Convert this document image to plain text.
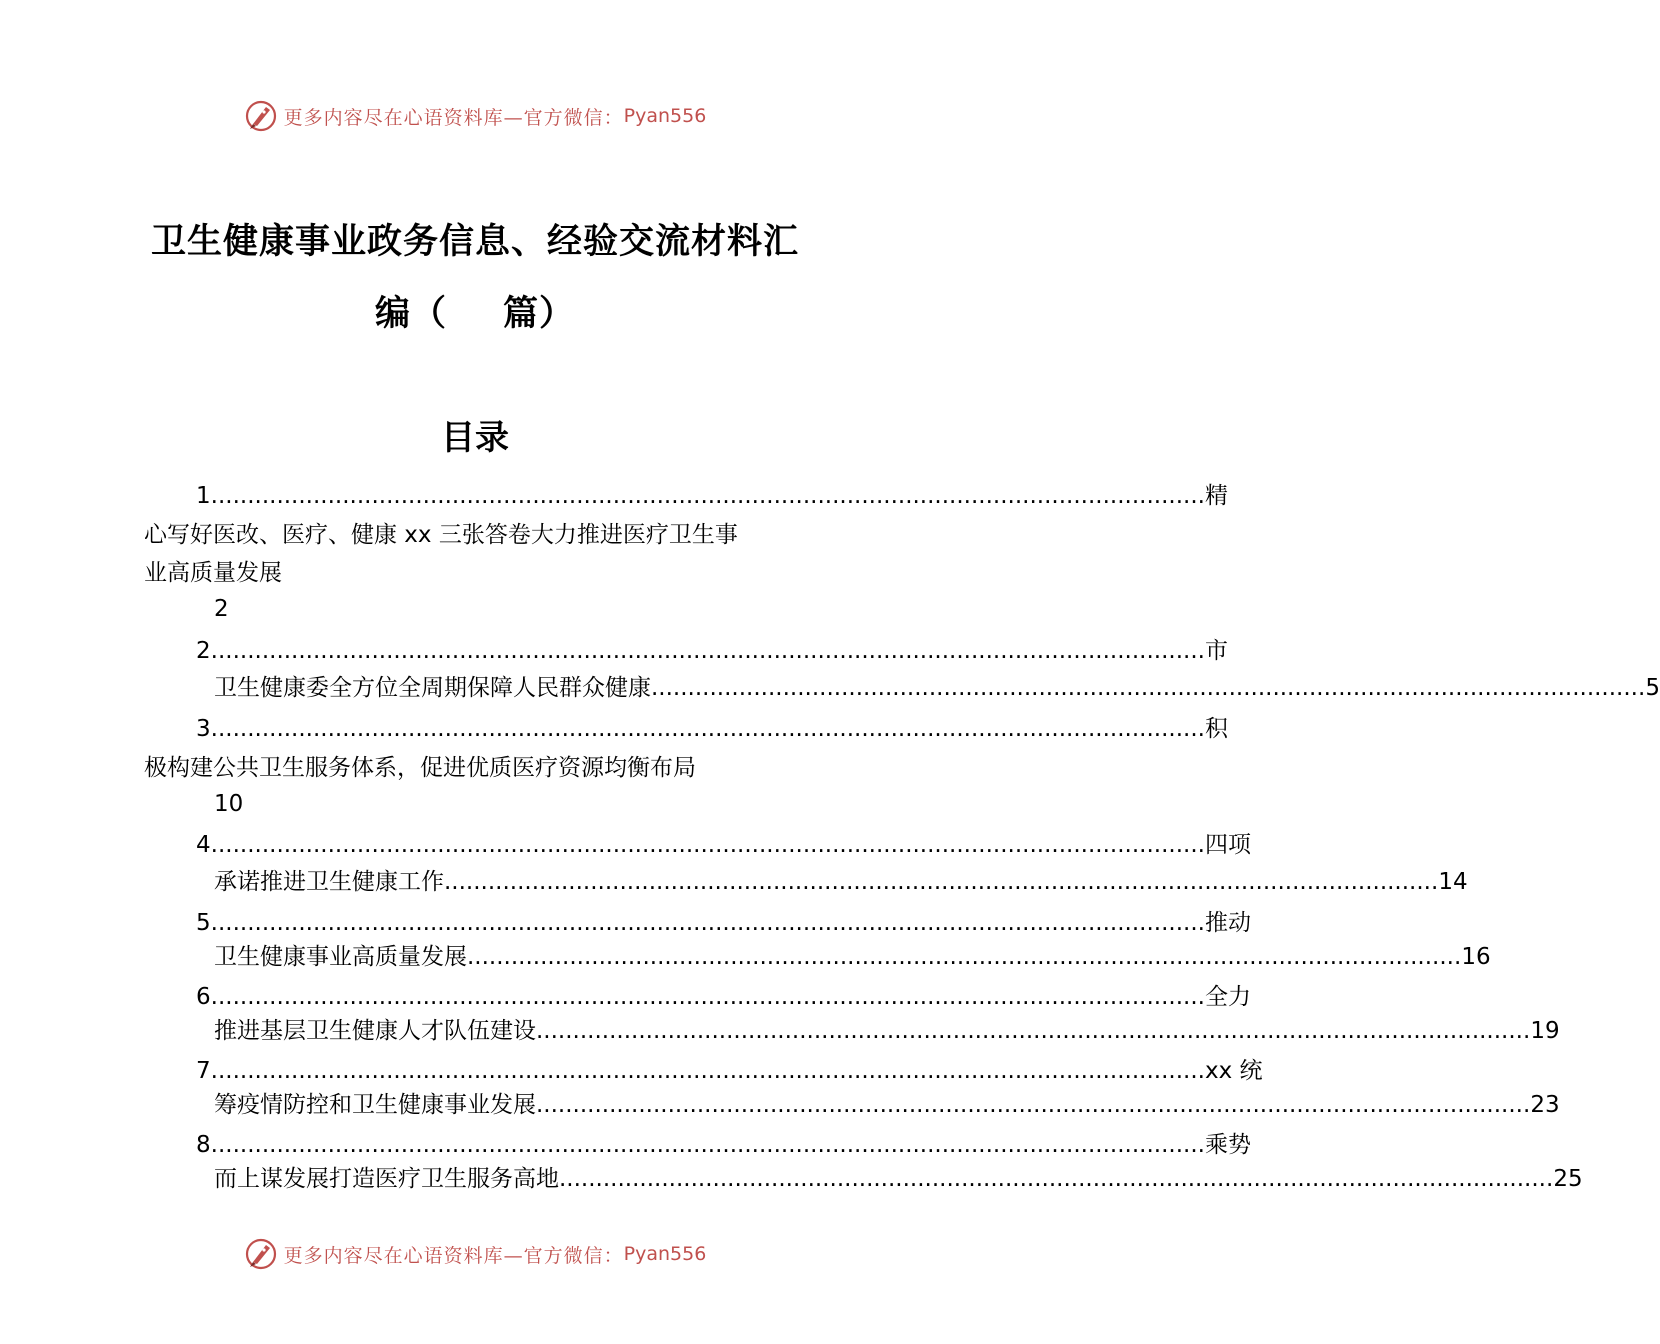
更多内容尽在心语资料库—官方微信： Pyan556
卫生健康事业政务信息、经验交流材料汇
编（ 篇）
目录
1 ........................................................................................................................................ 精
心写好医改、医疗、健康 xx 三张答卷大力推进医疗卫生事
业高质量发展
2
2 ........................................................................................................................................ 市
卫生健康委全方位全周期保障人民群众健康 ........................................................................................................................................ 5
3 ........................................................................................................................................ 积
极构建公共卫生服务体系，促进优质医疗资源均衡布局
10
4 ........................................................................................................................................ 四项
承诺推进卫生健康工作 ........................................................................................................................................ 14
5 ........................................................................................................................................ 推动
卫生健康事业高质量发展 ........................................................................................................................................ 16
6 ........................................................................................................................................ 全力
推进基层卫生健康人才队伍建设 ........................................................................................................................................ 19
7 ........................................................................................................................................ xx 统
筹疫情防控和卫生健康事业发展 ........................................................................................................................................ 23
8 ........................................................................................................................................ 乘势
而上谋发展打造医疗卫生服务高地 ........................................................................................................................................ 25
更多内容尽在心语资料库—官方微信： Pyan556
